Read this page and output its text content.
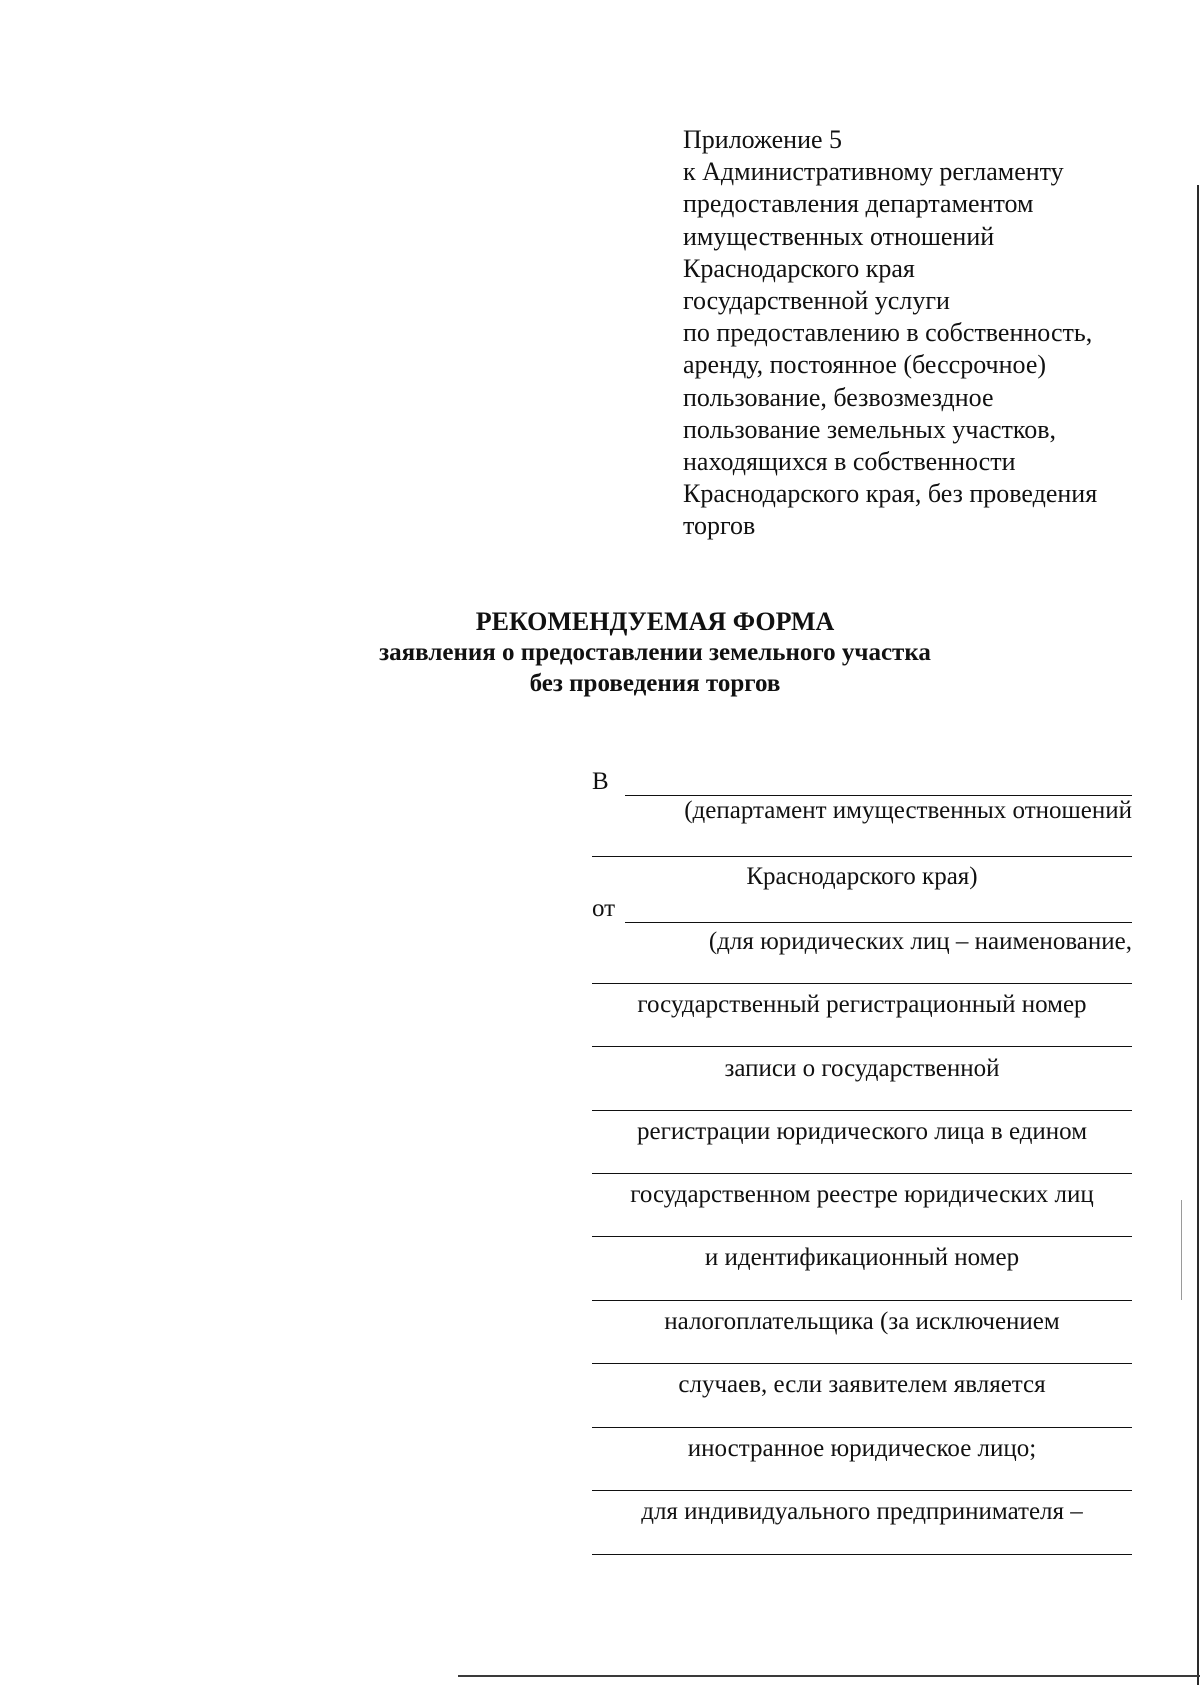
Приложение 5
к Административному регламенту
предоставления департаментом
имущественных отношений
Краснодарского края
государственной услуги
по предоставлению в собственность,
аренду, постоянное (бессрочное)
пользование, безвозмездное
пользование земельных участков,
находящихся в собственности
Краснодарского края, без проведения
торгов
РЕКОМЕНДУЕМАЯ ФОРМА
заявления о предоставлении земельного участка
без проведения торгов
В
(департамент имущественных отношений
Краснодарского края)
от
(для юридических лиц – наименование,
государственный регистрационный номер
записи о государственной
регистрации юридического лица в едином
государственном реестре юридических лиц
и идентификационный номер
налогоплательщика (за исключением
случаев, если заявителем является
иностранное юридическое лицо;
для индивидуального предпринимателя –
